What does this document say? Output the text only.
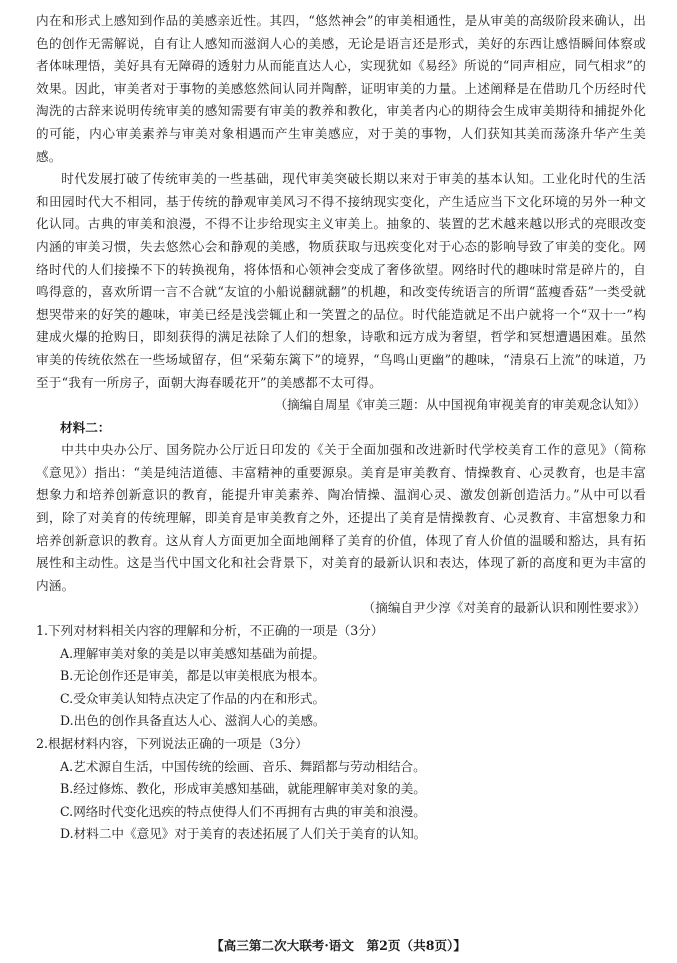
内在和形式上感知到作品的美感亲近性。其四，“悠然神会”的审美相通性，是从审美的高级阶段来确认，出色的创作无需解说，自有让人感知而滋润人心的美感，无论是语言还是形式，美好的东西让感悟瞬间体察或者体味理悟，美好具有无障碍的透射力从而能直达人心，实现犹如《易经》所说的“同声相应，同气相求”的效果。因此，审美者对于事物的美感悠然间认同并陶醉，证明审美的力量。上述阐释是在借助几个历经时代淘洗的古辞来说明传统审美的感知需要有审美的教养和教化，审美者内心的期待会生成审美期待和捕捉外化的可能，内心审美素养与审美对象相遇而产生审美感应，对于美的事物，人们获知其美而荡涤升华产生美感。

时代发展打破了传统审美的一些基础，现代审美突破长期以来对于审美的基本认知。工业化时代的生活和田园时代大不相同，基于传统的静观审美风习不得不接纳现实变化，产生适应当下文化环境的另外一种文化认同。古典的审美和浪漫，不得不让步给现实主义审美上。抽象的、装置的艺术越来越以形式的亮眼改变内涵的审美习惯，失去悠然心会和静观的美感，物质获取与迅疾变化对于心态的影响导致了审美的变化。网络时代的人们接操不下的转换视角，将体悟和心领神会变成了奢侈欲望。网络时代的趣味时常是碎片的，自鸣得意的，喜欢所谓一言不合就“友谊的小船说翻就翻”的机趣，和改变传统语言的所谓“蓝瘦香菇”一类受就想哭带来的好笑的趣味，审美已经是浅尝辄止和一笑置之的品位。时代能造就足不出户就将一个“双十一”构建成火爆的抢购日，即刻获得的满足祛除了人们的想象，诗歌和远方成为奢望，哲学和冥想遭遇困难。虽然审美的传统依然在一些场域留存，但“采菊东篱下”的境界，“鸟鸣山更幽”的趣味，“清泉石上流”的味道，乃至于“我有一所房子，面朝大海春暖花开”的美感都不太可得。

（摘编自周星《审美三题：从中国视角审视美育的审美观念认知》）

材料二：

中共中央办公厅、国务院办公厅近日印发的《关于全面加强和改进新时代学校美育工作的意见》（简称《意见》）指出：“美是纯洁道德、丰富精神的重要源泉。美育是审美教育、情操教育、心灵教育，也是丰富想象力和培养创新意识的教育，能提升审美素养、陶冶情操、温润心灵、激发创新创造活力。”从中可以看到，除了对美育的传统理解，即美育是审美教育之外，还提出了美育是情操教育、心灵教育、丰富想象力和培养创新意识的教育。这从育人方面更加全面地阐释了美育的价值，体现了育人价值的温暖和豁达，具有拓展性和主动性。这是当代中国文化和社会背景下，对美育的最新认识和表达，体现了新的高度和更为丰富的内涵。

（摘编自尹少淳《对美育的最新认识和刚性要求》）

1.下列对材料相关内容的理解和分析，不正确的一项是（3分）

A.理解审美对象的美是以审美感知基础为前提。

B.无论创作还是审美，都是以审美根底为根本。

C.受众审美认知特点决定了作品的内在和形式。

D.出色的创作具备直达人心、滋润人心的美感。

2.根据材料内容，下列说法正确的一项是（3分）

A.艺术源自生活，中国传统的绘画、音乐、舞蹈都与劳动相结合。

B.经过修炼、教化，形成审美感知基础，就能理解审美对象的美。

C.网络时代变化迅疾的特点使得人们不再拥有古典的审美和浪漫。

D.材料二中《意见》对于美育的表述拓展了人们关于美育的认知。

【高三第二次大联考·语文　第2页（共8页）】
